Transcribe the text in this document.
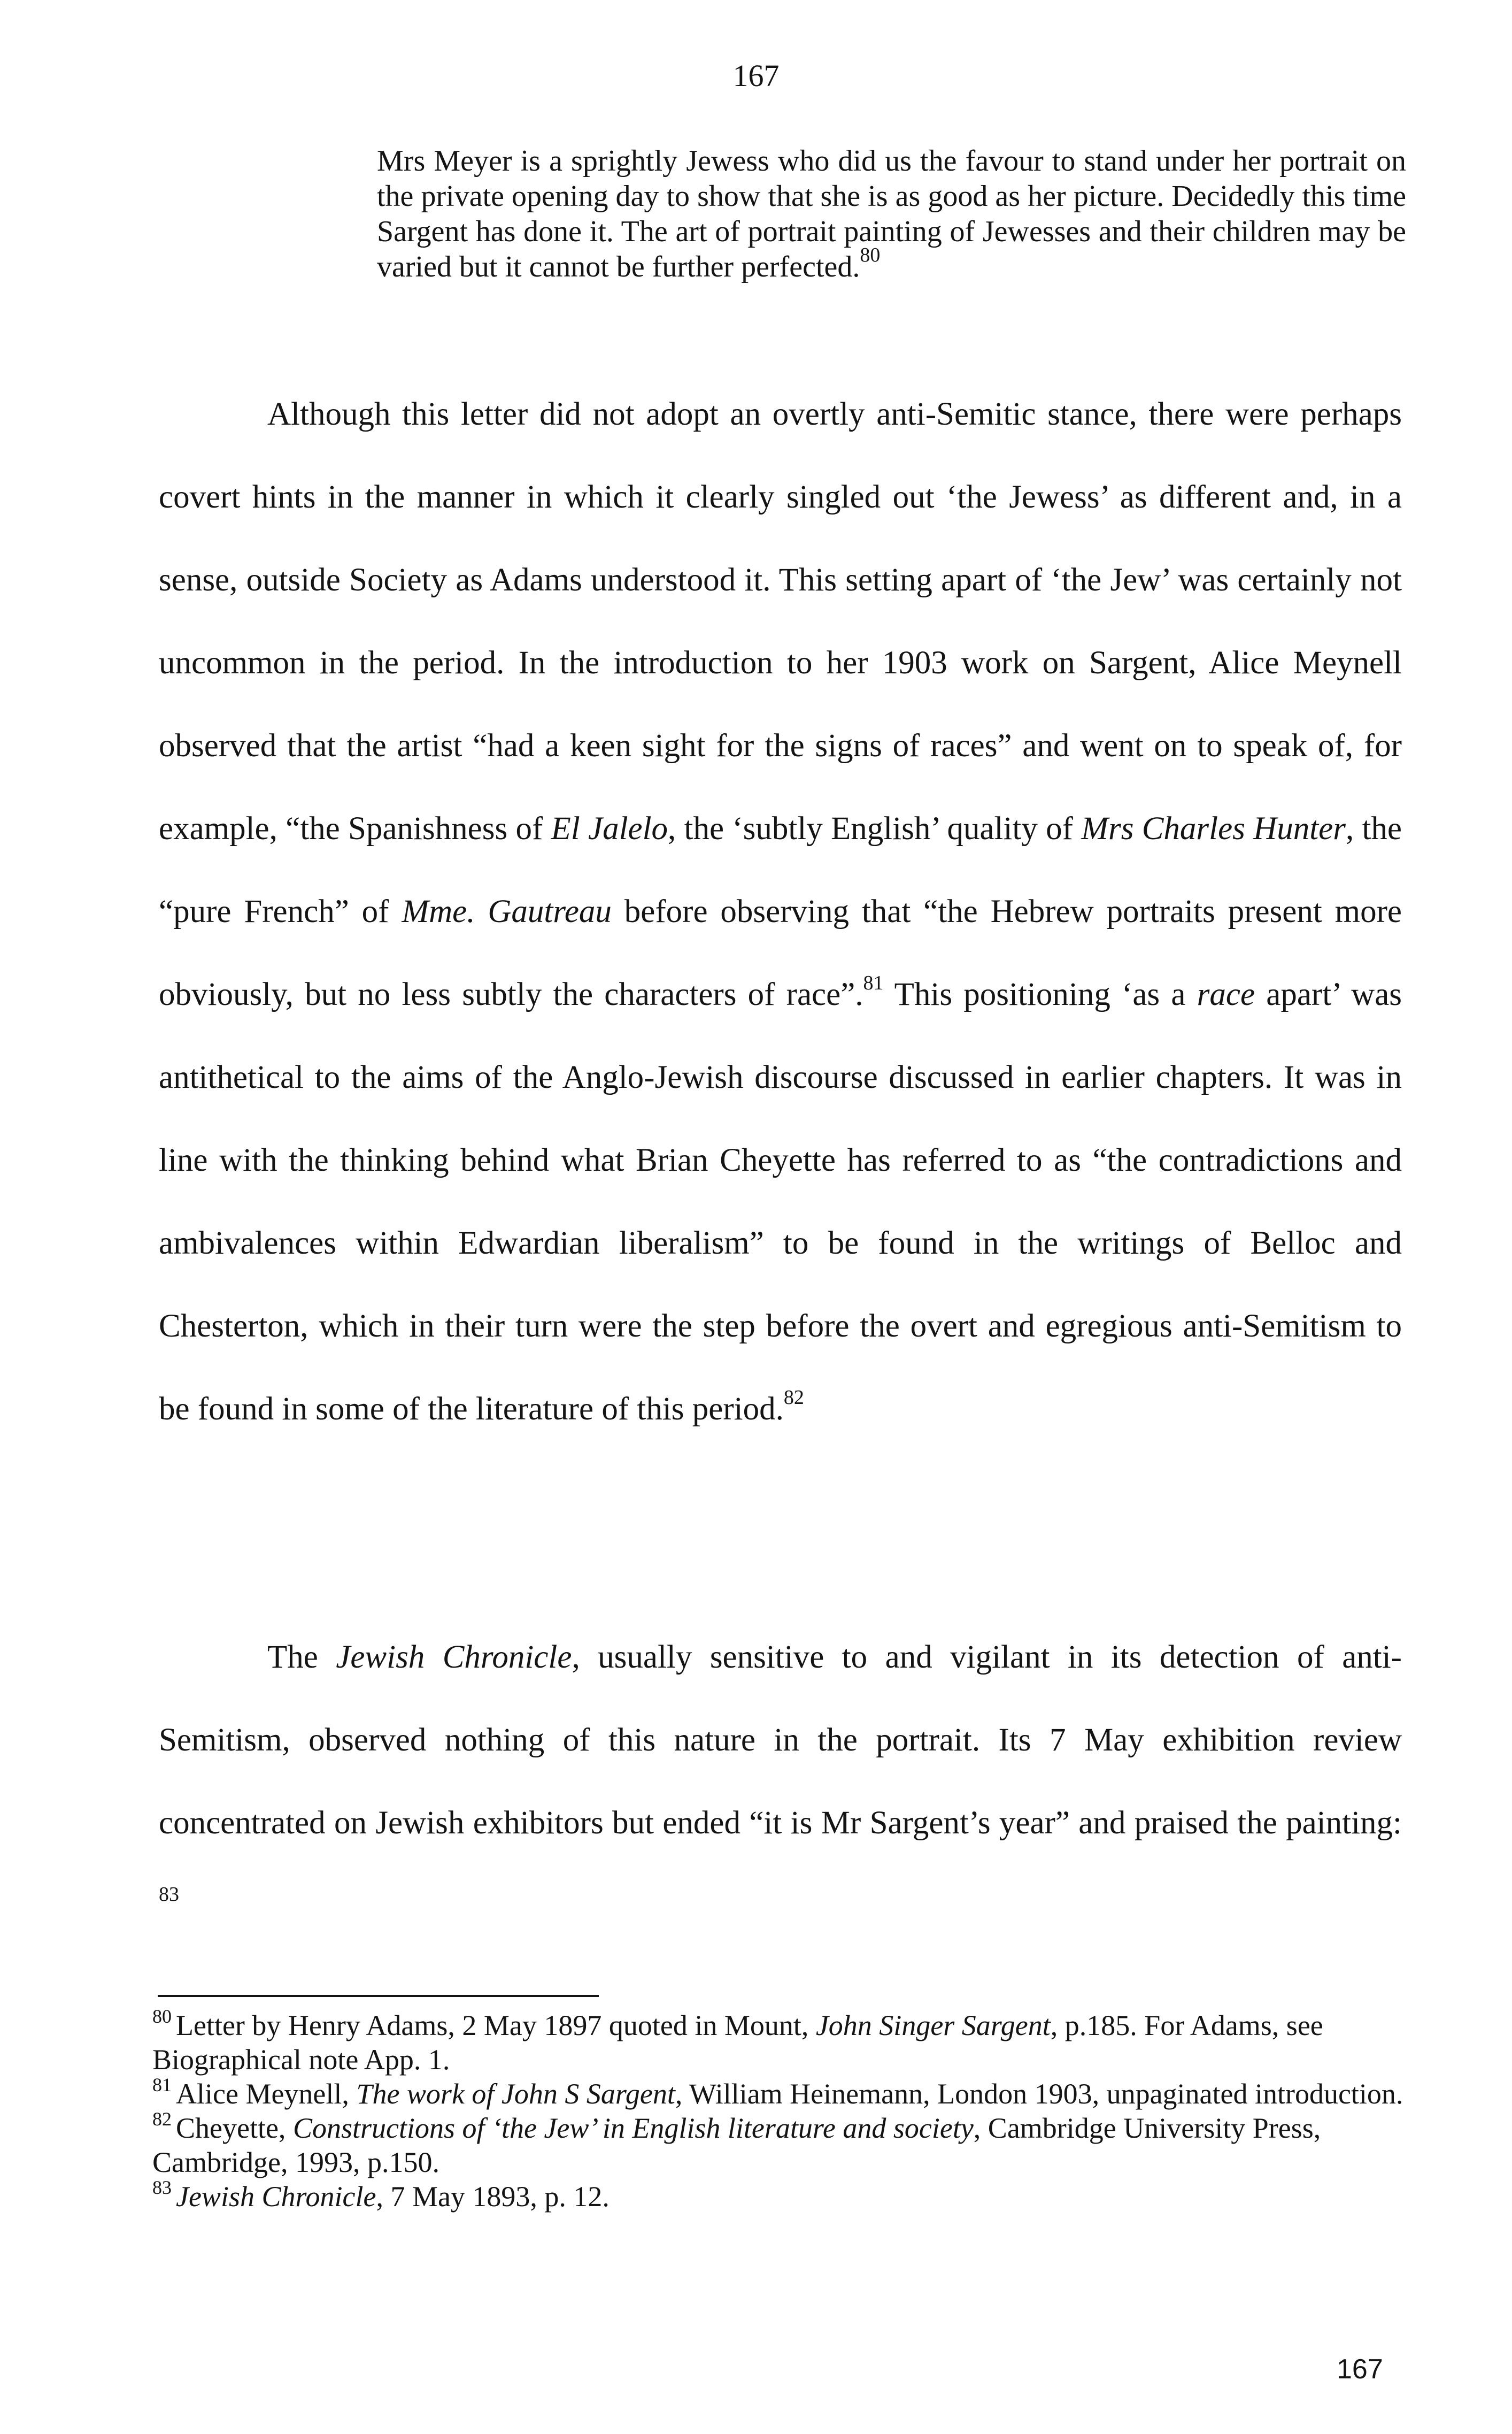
167
Mrs Meyer is a sprightly Jewess who did us the favour to stand under her portrait on the private opening day to show that she is as good as her picture. Decidedly this time Sargent has done it. The art of portrait painting of Jewesses and their children may be varied but it cannot be further perfected.$^{80}$
Although this letter did not adopt an overtly anti-Semitic stance, there were perhaps covert hints in the manner in which it clearly singled out ‘the Jewess’ as different and, in a sense, outside Society as Adams understood it. This setting apart of ‘the Jew’ was certainly not uncommon in the period. In the introduction to her 1903 work on Sargent, Alice Meynell observed that the artist “had a keen sight for the signs of races” and went on to speak of, for example, “the Spanishness of El Jalelo, the ‘subtly English’ quality of Mrs Charles Hunter, the “pure French” of Mme. Gautreau before observing that “the Hebrew portraits present more obviously, but no less subtly the characters of race”.$^{81}$ This positioning ‘as a race apart’ was antithetical to the aims of the Anglo-Jewish discourse discussed in earlier chapters. It was in line with the thinking behind what Brian Cheyette has referred to as “the contradictions and ambivalences within Edwardian liberalism” to be found in the writings of Belloc and Chesterton, which in their turn were the step before the overt and egregious anti-Semitism to be found in some of the literature of this period.$^{82}$
The Jewish Chronicle, usually sensitive to and vigilant in its detection of anti-Semitism, observed nothing of this nature in the portrait. Its 7 May exhibition review concentrated on Jewish exhibitors but ended “it is Mr Sargent’s year” and praised the painting: $^{83}$

$^{80}$ Letter by Henry Adams, 2 May 1897 quoted in Mount, John Singer Sargent, p.185. For Adams, see Biographical note App. 1.

$^{81}$ Alice Meynell, The work of John S Sargent, William Heinemann, London 1903, unpaginated introduction.

$^{82}$ Cheyette, Constructions of ‘the Jew’ in English literature and society, Cambridge University Press, Cambridge, 1993, p.150.

$^{83}$ Jewish Chronicle, 7 May 1893, p. 12.

167
